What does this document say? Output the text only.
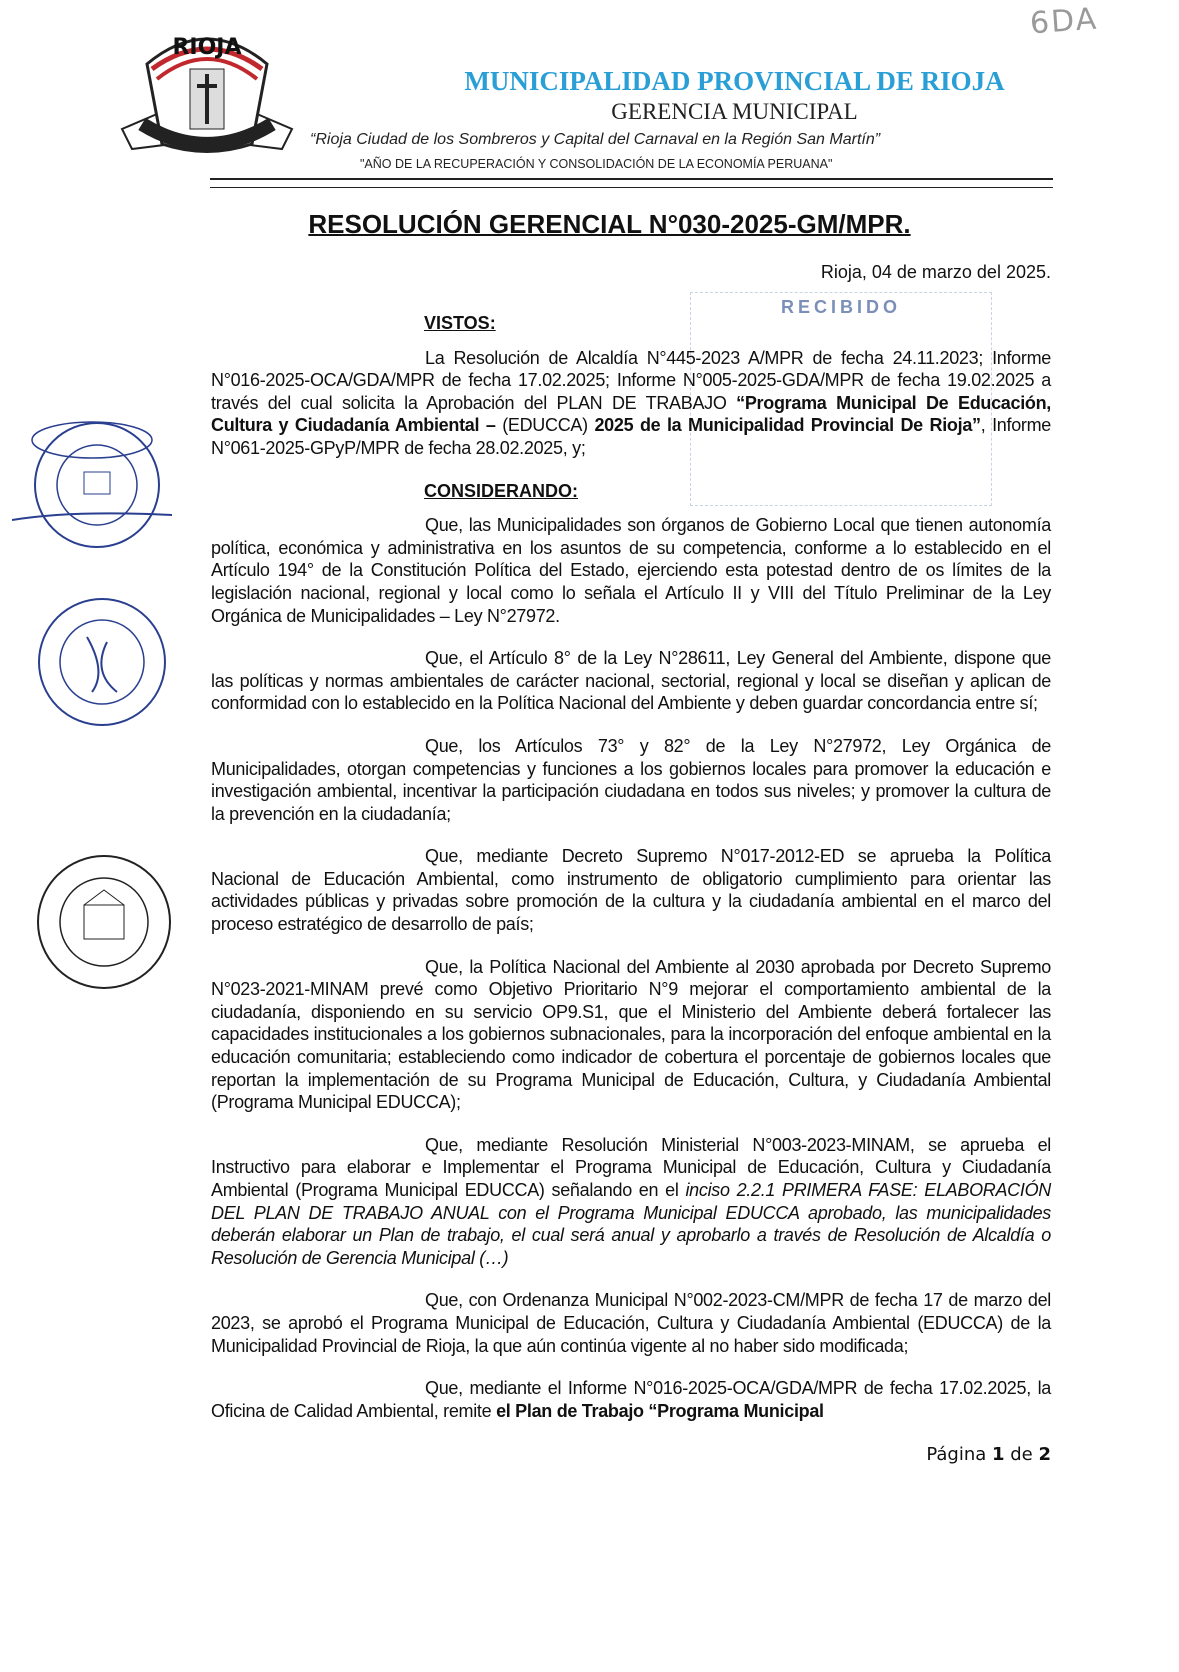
6DA
RIOJA
MUNICIPALIDAD PROVINCIAL DE RIOJA
GERENCIA MUNICIPAL
“Rioja Ciudad de los Sombreros y Capital del Carnaval en la Región San Martín”
"AÑO DE LA RECUPERACIÓN Y CONSOLIDACIÓN DE LA ECONOMÍA PERUANA"
RESOLUCIÓN GERENCIAL N°030-2025-GM/MPR.
Rioja, 04 de marzo del 2025.
RECIBIDO
VISTOS:

La Resolución de Alcaldía N°445-2023 A/MPR de fecha 24.11.2023; Informe N°016-2025-OCA/GDA/MPR de fecha 17.02.2025; Informe N°005-2025-GDA/MPR de fecha 19.02.2025 a través del cual solicita la Aprobación del PLAN DE TRABAJO “Programa Municipal De Educación, Cultura y Ciudadanía Ambiental – (EDUCCA) 2025 de la Municipalidad Provincial De Rioja”, Informe N°061-2025-GPyP/MPR de fecha 28.02.2025, y;

CONSIDERANDO:

Que, las Municipalidades son órganos de Gobierno Local que tienen autonomía política, económica y administrativa en los asuntos de su competencia, conforme a lo establecido en el Artículo 194° de la Constitución Política del Estado, ejerciendo esta potestad dentro de os límites de la legislación nacional, regional y local como lo señala el Artículo II y VIII del Título Preliminar de la Ley Orgánica de Municipalidades – Ley N°27972.

Que, el Artículo 8° de la Ley N°28611, Ley General del Ambiente, dispone que las políticas y normas ambientales de carácter nacional, sectorial, regional y local se diseñan y aplican de conformidad con lo establecido en la Política Nacional del Ambiente y deben guardar concordancia entre sí;

Que, los Artículos 73° y 82° de la Ley N°27972, Ley Orgánica de Municipalidades, otorgan competencias y funciones a los gobiernos locales para promover la educación e investigación ambiental, incentivar la participación ciudadana en todos sus niveles; y promover la cultura de la prevención en la ciudadanía;

Que, mediante Decreto Supremo N°017-2012-ED se aprueba la Política Nacional de Educación Ambiental, como instrumento de obligatorio cumplimiento para orientar las actividades públicas y privadas sobre promoción de la cultura y la ciudadanía ambiental en el marco del proceso estratégico de desarrollo de país;

Que, la Política Nacional del Ambiente al 2030 aprobada por Decreto Supremo N°023-2021-MINAM prevé como Objetivo Prioritario N°9 mejorar el comportamiento ambiental de la ciudadanía, disponiendo en su servicio OP9.S1, que el Ministerio del Ambiente deberá fortalecer las capacidades institucionales a los gobiernos subnacionales, para la incorporación del enfoque ambiental en la educación comunitaria; estableciendo como indicador de cobertura el porcentaje de gobiernos locales que reportan la implementación de su Programa Municipal de Educación, Cultura, y Ciudadanía Ambiental (Programa Municipal EDUCCA);

Que, mediante Resolución Ministerial N°003-2023-MINAM, se aprueba el Instructivo para elaborar e Implementar el Programa Municipal de Educación, Cultura y Ciudadanía Ambiental (Programa Municipal EDUCCA) señalando en el inciso 2.2.1 PRIMERA FASE: ELABORACIÓN DEL PLAN DE TRABAJO ANUAL con el Programa Municipal EDUCCA aprobado, las municipalidades deberán elaborar un Plan de trabajo, el cual será anual y aprobarlo a través de Resolución de Alcaldía o Resolución de Gerencia Municipal (…)

Que, con Ordenanza Municipal N°002-2023-CM/MPR de fecha 17 de marzo del 2023, se aprobó el Programa Municipal de Educación, Cultura y Ciudadanía Ambiental (EDUCCA) de la Municipalidad Provincial de Rioja, la que aún continúa vigente al no haber sido modificada;

Que, mediante el Informe N°016-2025-OCA/GDA/MPR de fecha 17.02.2025, la Oficina de Calidad Ambiental, remite el Plan de Trabajo “Programa Municipal

Página 1 de 2
